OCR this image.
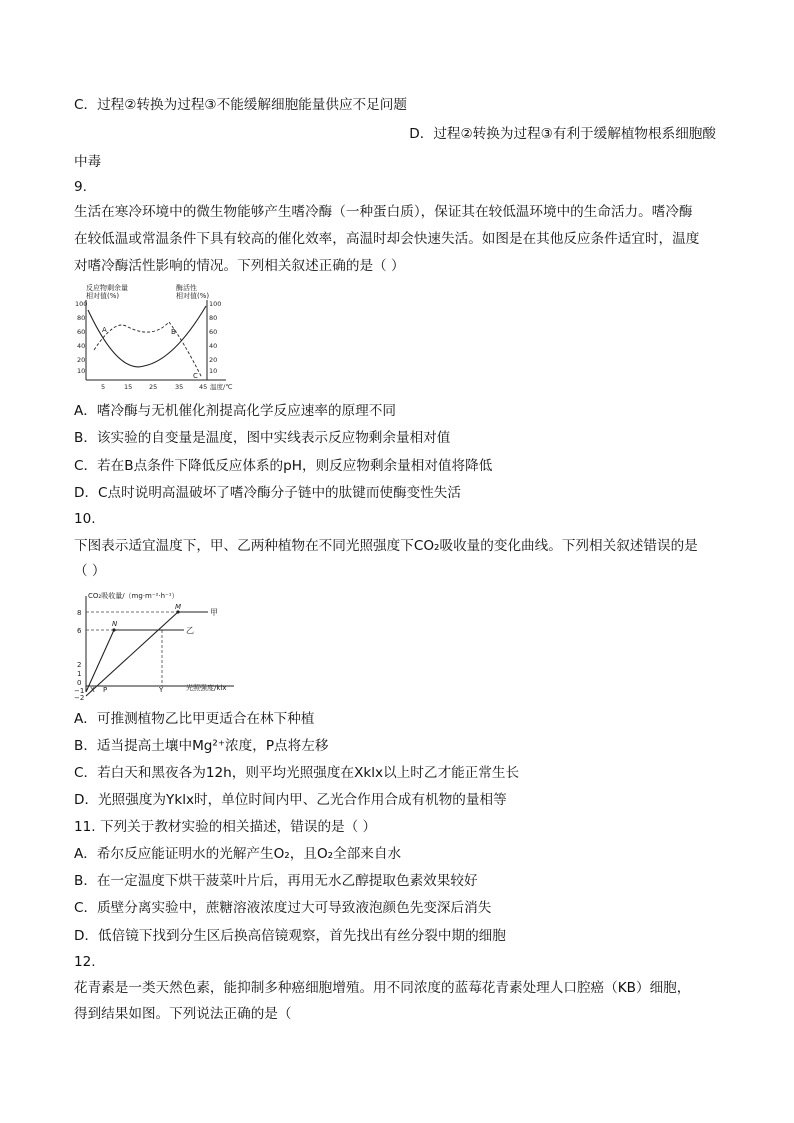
C．过程②转换为过程③不能缓解细胞能量供应不足问题
D．过程②转换为过程③有利于缓解植物根系细胞酸
中毒
9.
生活在寒冷环境中的微生物能够产生嗜冷酶（一种蛋白质），保证其在较低温环境中的生命活力。嗜冷酶
在较低温或常温条件下具有较高的催化效率，高温时却会快速失活。如图是在其他反应条件适宜时，温度
对嗜冷酶活性影响的情况。下列相关叙述正确的是（ ）
反应物剩余量
相对值(%)
酶活性
相对值(%)
100
80
60
40
20
10
100
80
60
40
20
10
5	15	25	35 45 温度/℃
A	B
C
A．嗜冷酶与无机催化剂提高化学反应速率的原理不同
B．该实验的自变量是温度，图中实线表示反应物剩余量相对值
C．若在B点条件下降低反应体系的pH，则反应物剩余量相对值将降低
D．C点时说明高温破坏了嗜冷酶分子链中的肽键而使酶变性失活
10.
下图表示适宜温度下，甲、乙两种植物在不同光照强度下CO₂吸收量的变化曲线。下列相关叙述错误的是
（ ）
CO₂吸收量/（mg·m⁻²·h⁻¹）
光照强度/klx
8
6
2
1
0
−1
−2
M
N
甲
乙
X P	Y
A．可推测植物乙比甲更适合在林下种植
B．适当提高土壤中Mg²⁺浓度，P点将左移
C．若白天和黑夜各为12h，则平均光照强度在Xklx以上时乙才能正常生长
D．光照强度为Yklx时，单位时间内甲、乙光合作用合成有机物的量相等
11. 下列关于教材实验的相关描述，错误的是（ ）
A．希尔反应能证明水的光解产生O₂，且O₂全部来自水
B．在一定温度下烘干菠菜叶片后，再用无水乙醇提取色素效果较好
C．质壁分离实验中，蔗糖溶液浓度过大可导致液泡颜色先变深后消失
D．低倍镜下找到分生区后换高倍镜观察，首先找出有丝分裂中期的细胞
12.
花青素是一类天然色素，能抑制多种癌细胞增殖。用不同浓度的蓝莓花青素处理人口腔癌（KB）细胞，
得到结果如图。下列说法正确的是（
